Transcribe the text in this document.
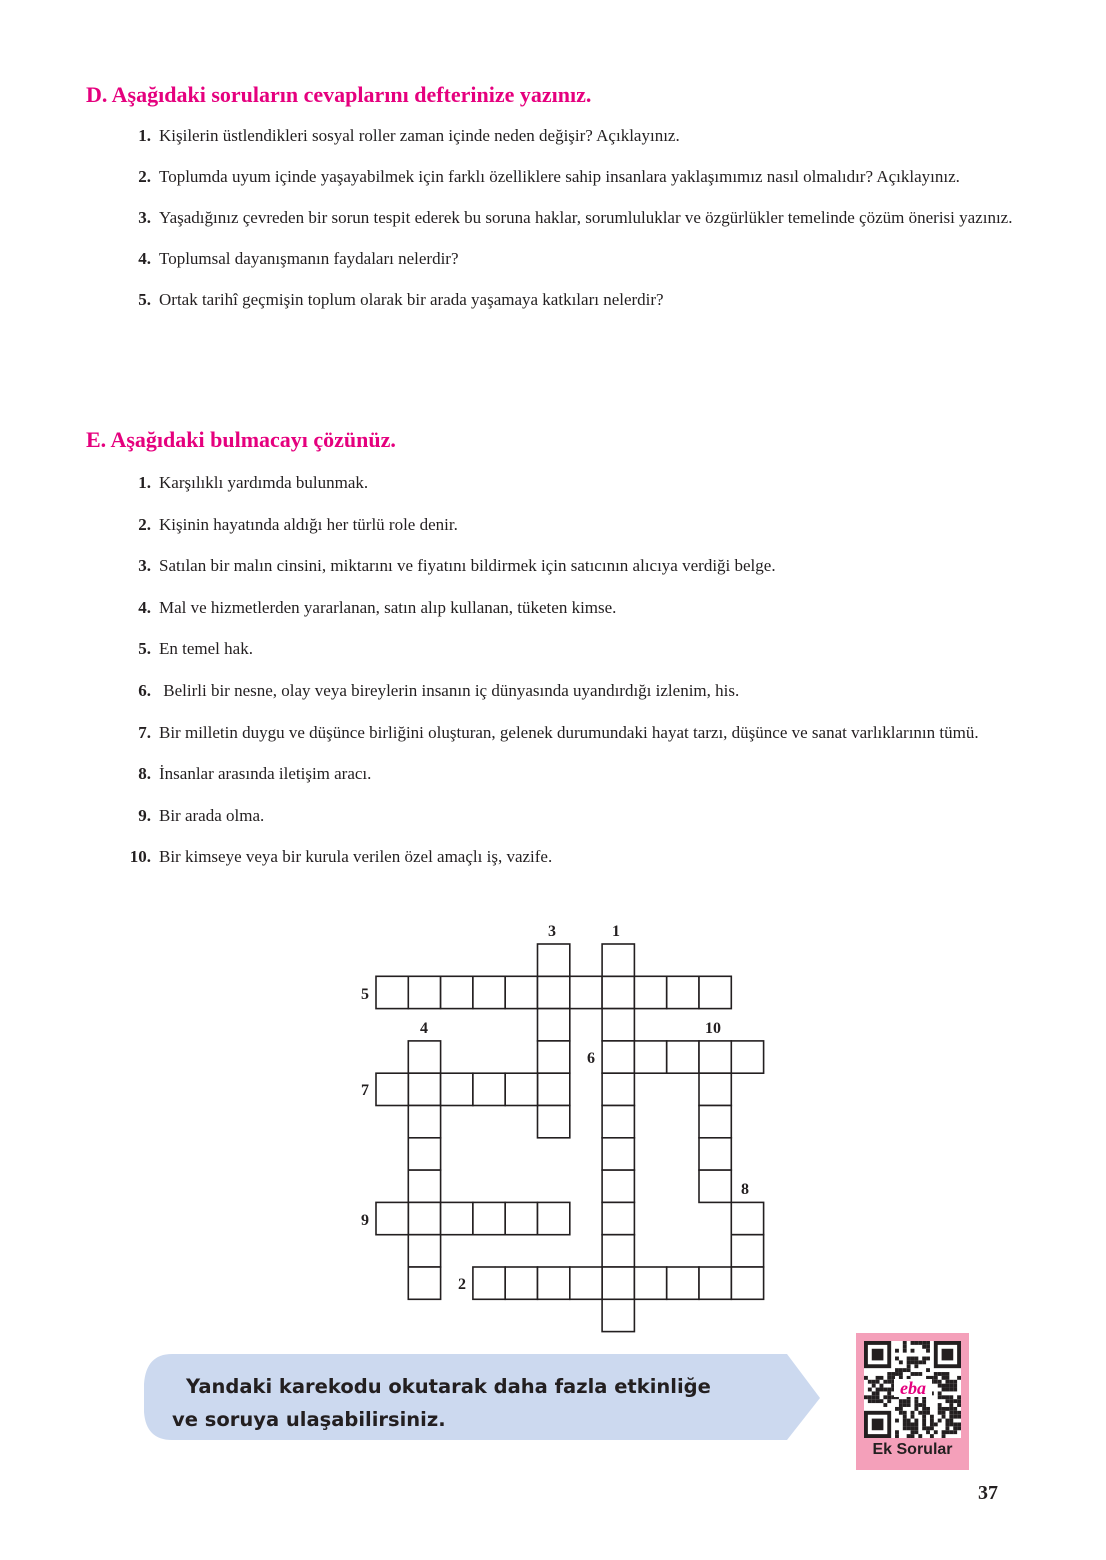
D. Aşağıdaki soruların cevaplarını defterinize yazınız.
1. Kişilerin üstlendikleri sosyal roller zaman içinde neden değişir? Açıklayınız.
2. Toplumda uyum içinde yaşayabilmek için farklı özelliklere sahip insanlara yaklaşımımız nasıl olmalıdır? Açıklayınız.
3. Yaşadığınız çevreden bir sorun tespit ederek bu soruna haklar, sorumluluklar ve özgürlükler temelinde çözüm önerisi yazınız.
4. Toplumsal dayanışmanın faydaları nelerdir?
5. Ortak tarihî geçmişin toplum olarak bir arada yaşamaya katkıları nelerdir?
E. Aşağıdaki bulmacayı çözünüz.
1. Karşılıklı yardımda bulunmak.
2. Kişinin hayatında aldığı her türlü role denir.
3. Satılan bir malın cinsini, miktarını ve fiyatını bildirmek için satıcının alıcıya verdiği belge.
4. Mal ve hizmetlerden yararlanan, satın alıp kullanan, tüketen kimse.
5. En temel hak.
6. Belirli bir nesne, olay veya bireylerin insanın iç dünyasında uyandırdığı izlenim, his.
7. Bir milletin duygu ve düşünce birliğini oluşturan, gelenek durumundaki hayat tarzı, düşünce ve sanat varlıklarının tümü.
8. İnsanlar arasında iletişim aracı.
9. Bir arada olma.
10. Bir kimseye veya bir kurula verilen özel amaçlı iş, vazife.
3	1
5
4	10
6
7
8
9
2

Yandaki karekodu okutarak daha fazla etkinliğe
ve soruya ulaşabilirsiniz.

eba
Ek Sorular
37
